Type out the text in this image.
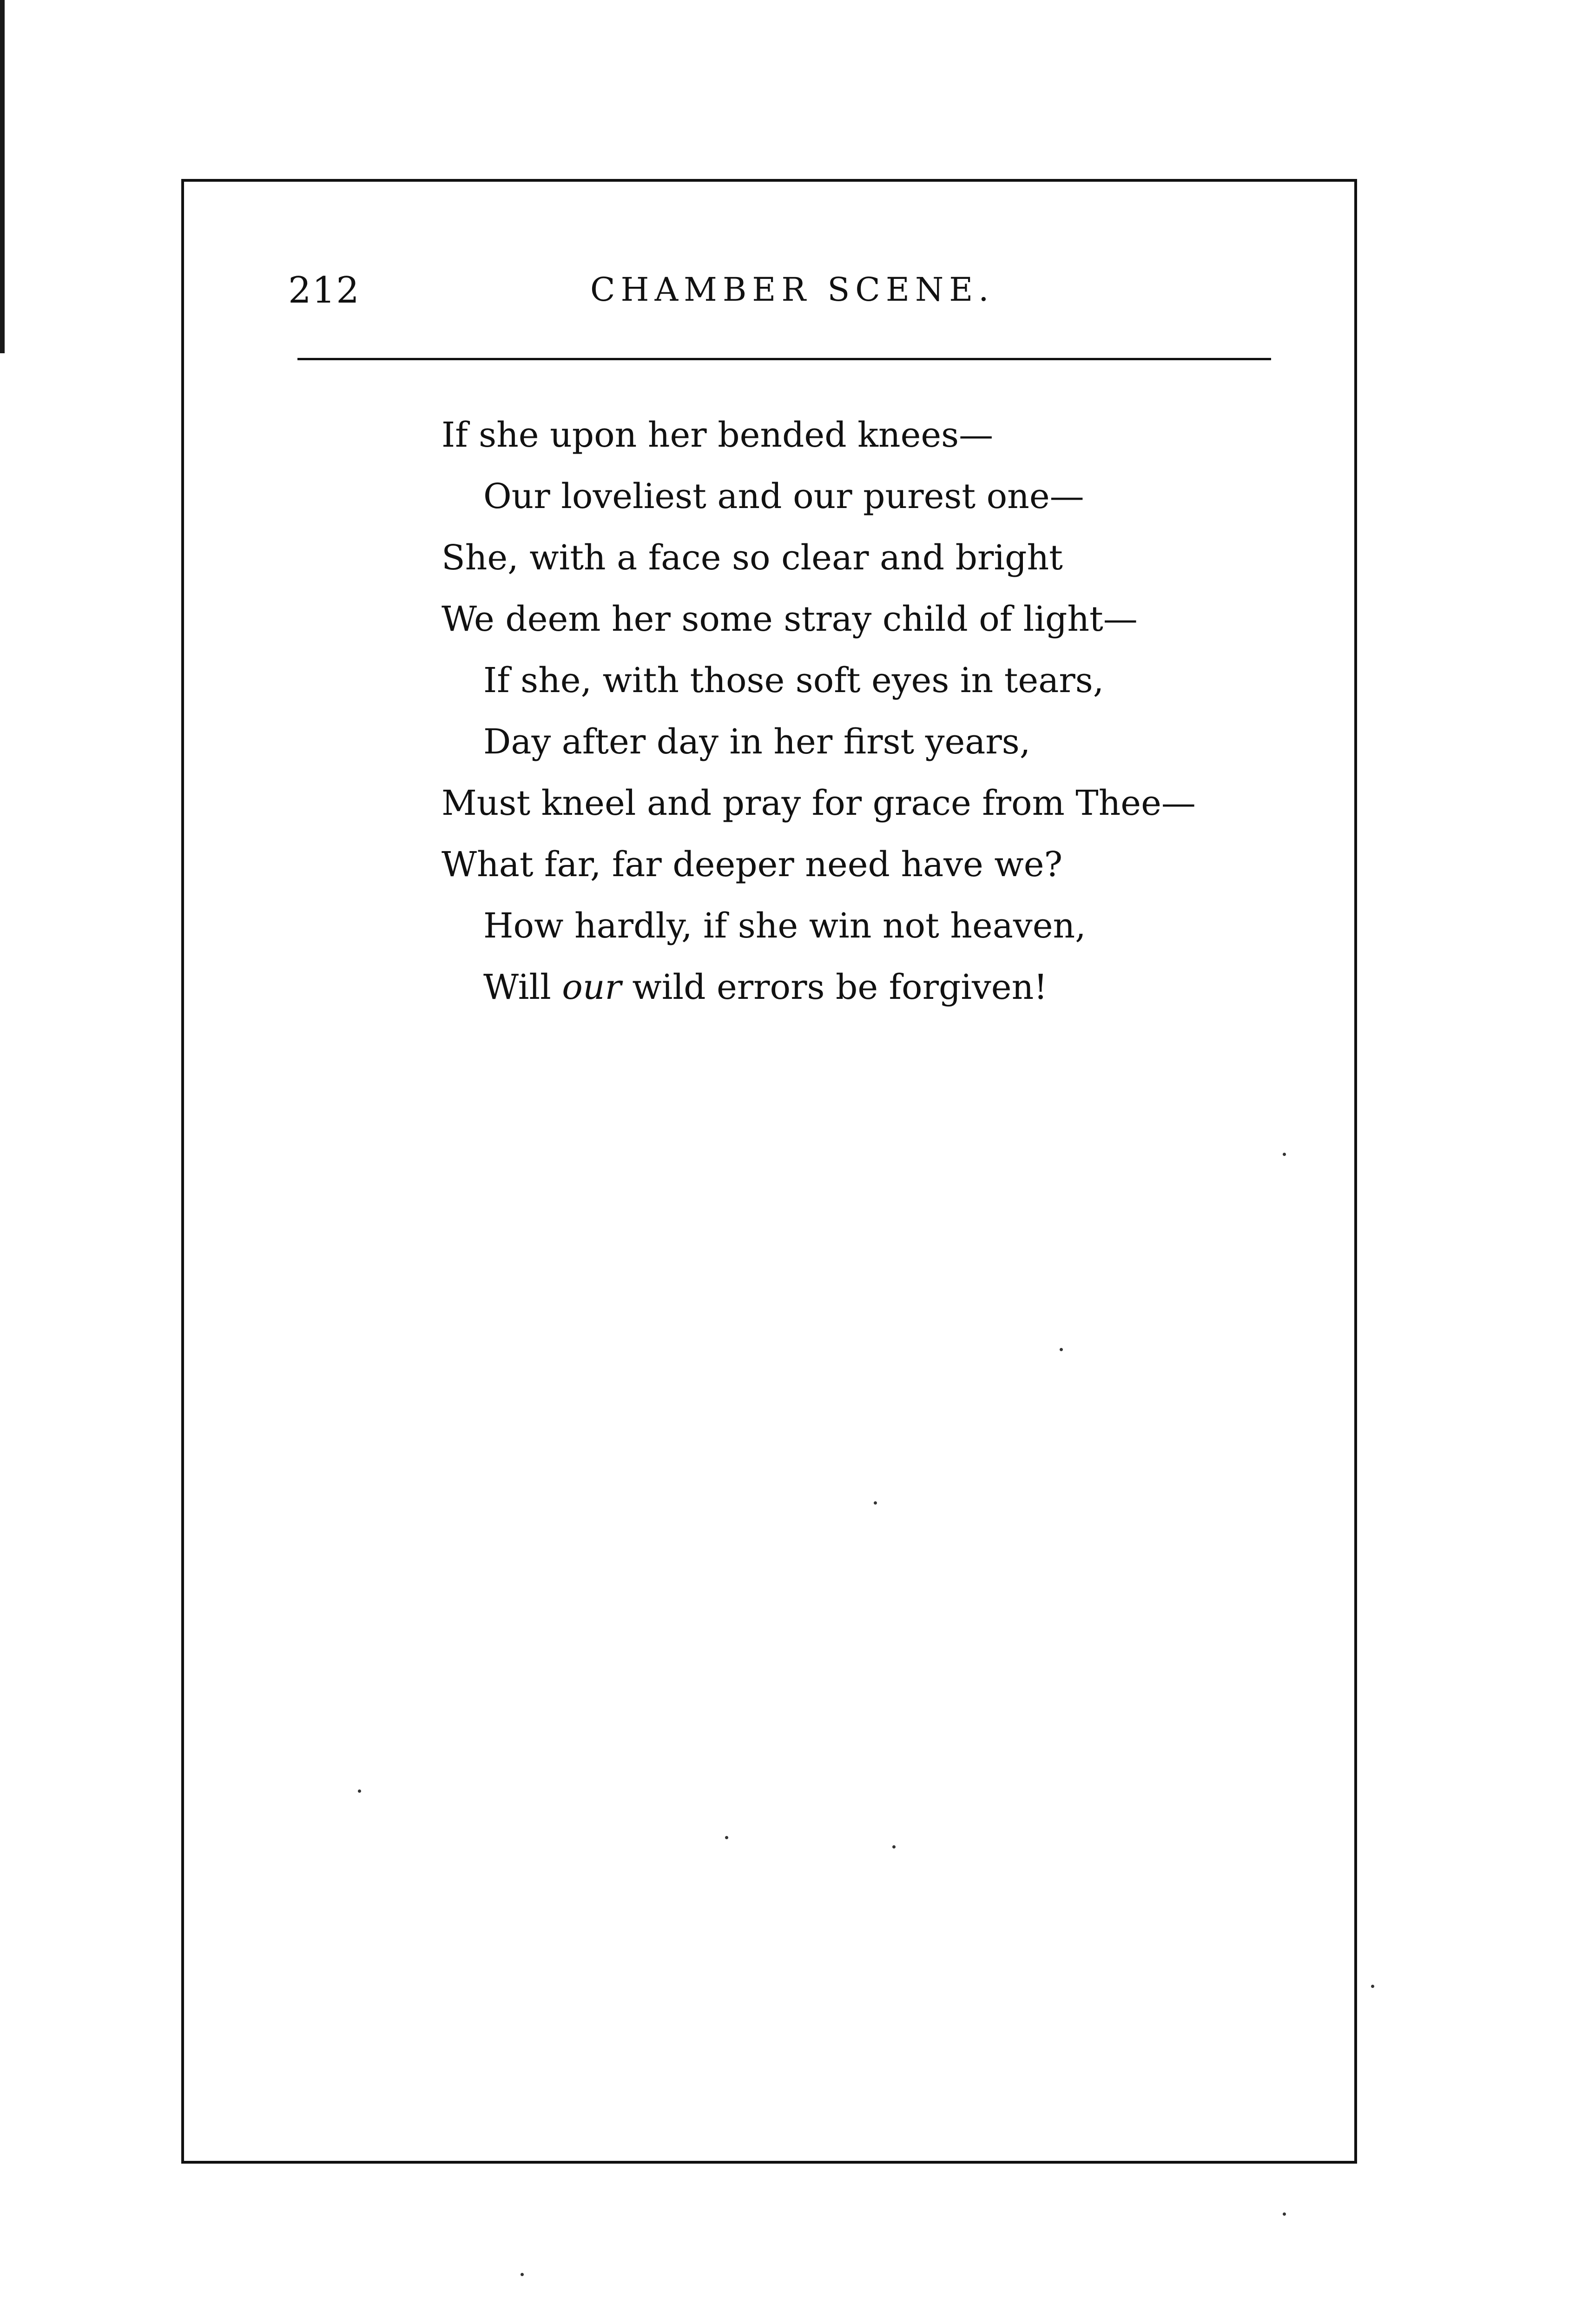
212	CHAMBER SCENE.
If she upon her bended knees—
Our loveliest and our purest one—
She, with a face so clear and bright
We deem her some stray child of light—
If she, with those soft eyes in tears,
Day after day in her first years,
Must kneel and pray for grace from Thee—
What far, far deeper need have we?
How hardly, if she win not heaven,
Will our wild errors be forgiven!
